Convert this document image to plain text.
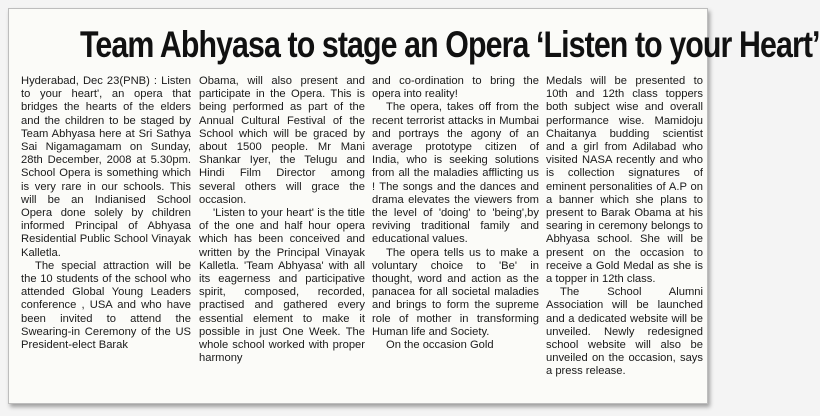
Team Abhyasa to stage an Opera ‘Listen to your Heart’

Hyderabad, Dec 23(PNB) : Listen to your heart', an opera that bridges the hearts of the elders and the children to be staged by Team Abhyasa here at Sri Sathya Sai Nigamagamam on Sunday, 28th December, 2008 at 5.30pm. School Opera is something which is very rare in our schools. This will be an Indianised School Opera done solely by children informed Principal of Abhyasa Residential Public School Vinayak Kalletla.

The special attraction will be the 10 students of the school who attended Global Young Leaders conference , USA and who have been invited to attend the Swearing-in Ceremony of the US President-elect Barak

Obama, will also present and participate in the Opera. This is being performed as part of the Annual Cultural Festival of the School which will be graced by about 1500 people. Mr Mani Shankar Iyer, the Telugu and Hindi Film Director among several others will grace the occasion.

'Listen to your heart' is the title of the one and half hour opera which has been conceived and written by the Principal Vinayak Kalletla. 'Team Abhyasa' with all its eagerness and participative spirit, composed, recorded, practised and gathered every essential element to make it possible in just One Week. The whole school worked with proper harmony

and co-ordination to bring the opera into reality!

The opera, takes off from the recent terrorist attacks in Mumbai and portrays the agony of an average prototype citizen of India, who is seeking solutions from all the maladies afflicting us ! The songs and the dances and drama elevates the viewers from the level of 'doing' to 'being',by reviving traditional family and educational values.

The opera tells us to make a voluntary choice to 'Be' in thought, word and action as the panacea for all societal maladies and brings to form the supreme role of mother in transforming Human life and Society.

On the occasion Gold

Medals will be presented to 10th and 12th class toppers both subject wise and overall performance wise. Mamidoju Chaitanya budding scientist and a girl from Adilabad who visited NASA recently and who is collection signatures of eminent personalities of A.P on a banner which she plans to present to Barak Obama at his searing in ceremony belongs to Abhyasa school. She will be present on the occasion to receive a Gold Medal as she is a topper in 12th class.

The School Alumni Association will be launched and a dedicated website will be unveiled. Newly redesigned school website will also be unveiled on the occasion, says a press release.
